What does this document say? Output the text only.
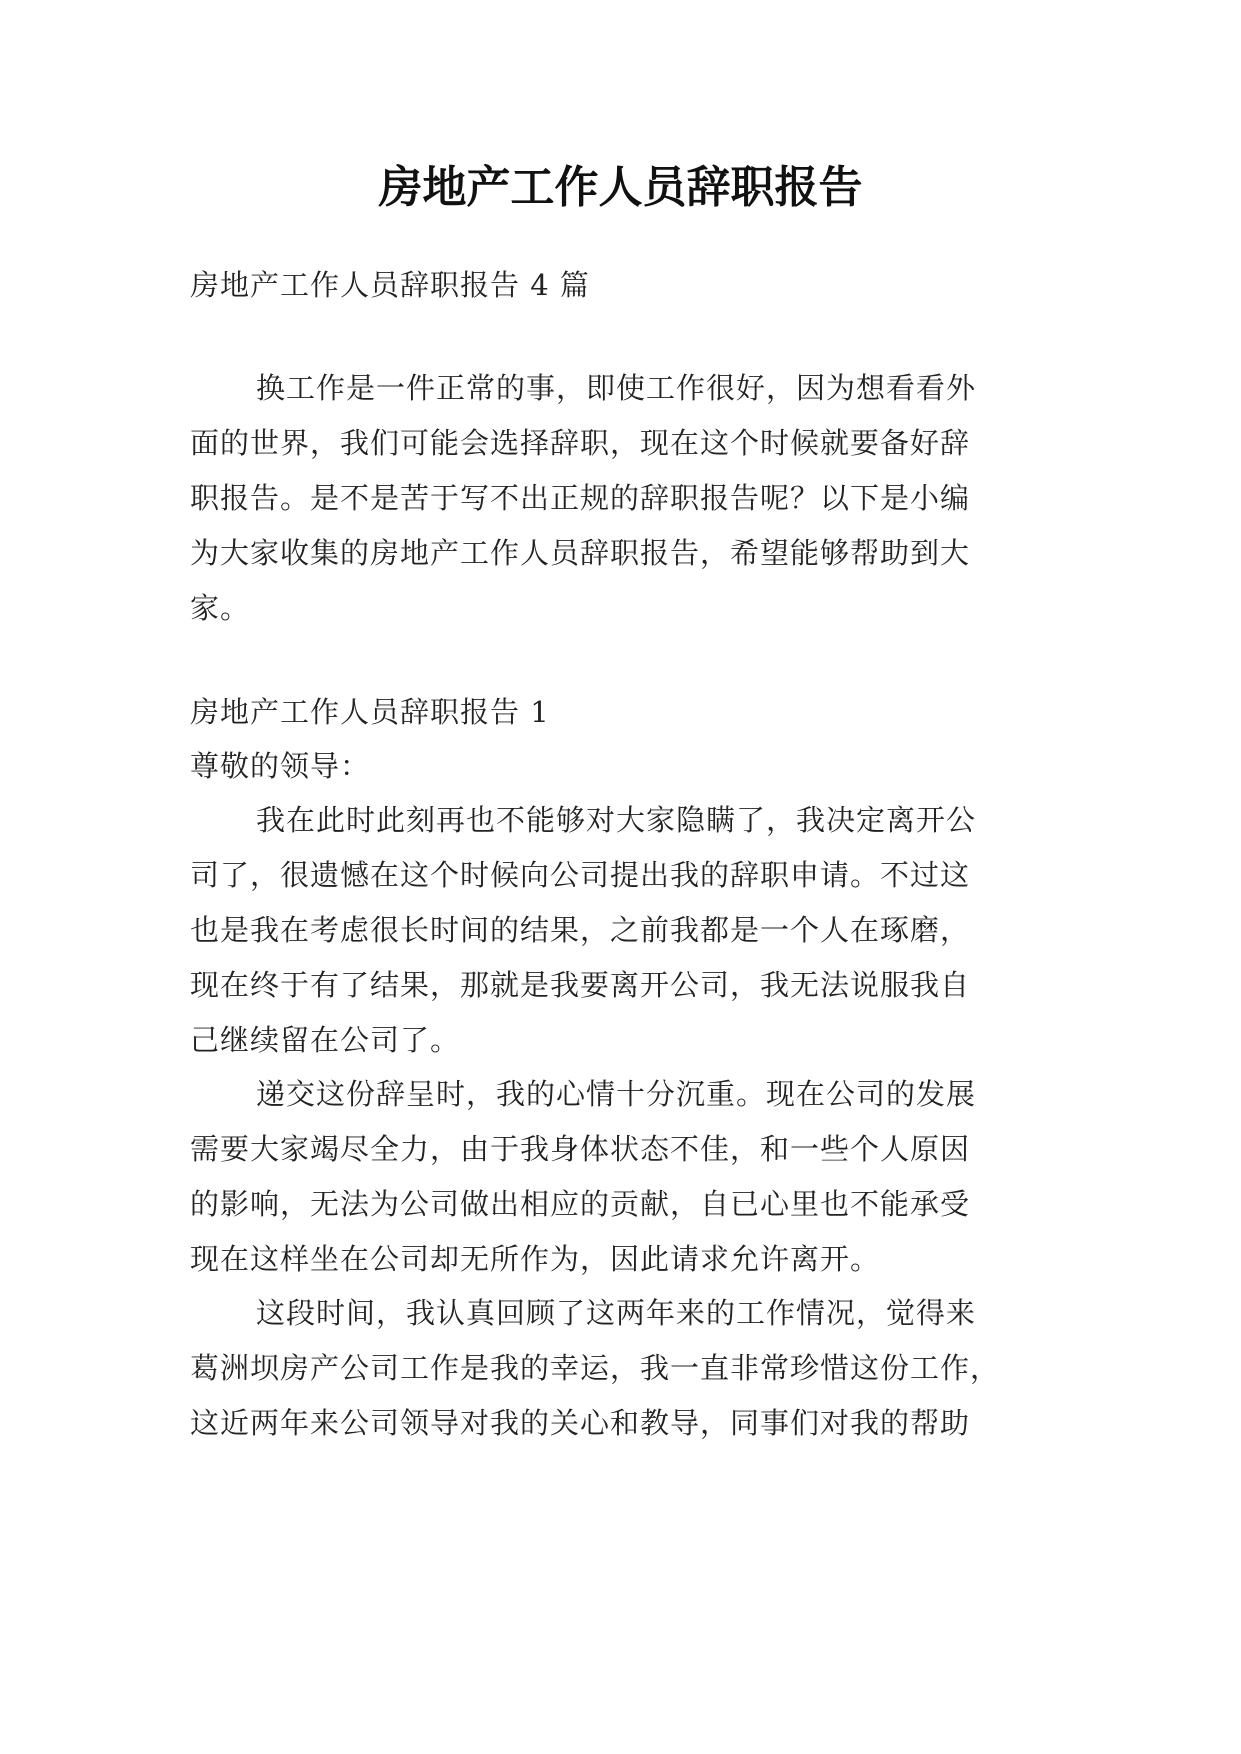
房地产工作人员辞职报告
房地产工作人员辞职报告 4 篇
换工作是一件正常的事，即使工作很好，因为想看看外
面的世界，我们可能会选择辞职，现在这个时候就要备好辞
职报告。是不是苦于写不出正规的辞职报告呢？以下是小编
为大家收集的房地产工作人员辞职报告，希望能够帮助到大
家。
房地产工作人员辞职报告 1
尊敬的领导：
我在此时此刻再也不能够对大家隐瞒了，我决定离开公
司了，很遗憾在这个时候向公司提出我的辞职申请。不过这
也是我在考虑很长时间的结果，之前我都是一个人在琢磨，
现在终于有了结果，那就是我要离开公司，我无法说服我自
己继续留在公司了。
递交这份辞呈时，我的心情十分沉重。现在公司的发展
需要大家竭尽全力，由于我身体状态不佳，和一些个人原因
的影响，无法为公司做出相应的贡献，自已心里也不能承受
现在这样坐在公司却无所作为，因此请求允许离开。
这段时间，我认真回顾了这两年来的工作情况，觉得来
葛洲坝房产公司工作是我的幸运，我一直非常珍惜这份工作，
这近两年来公司领导对我的关心和教导，同事们对我的帮助
